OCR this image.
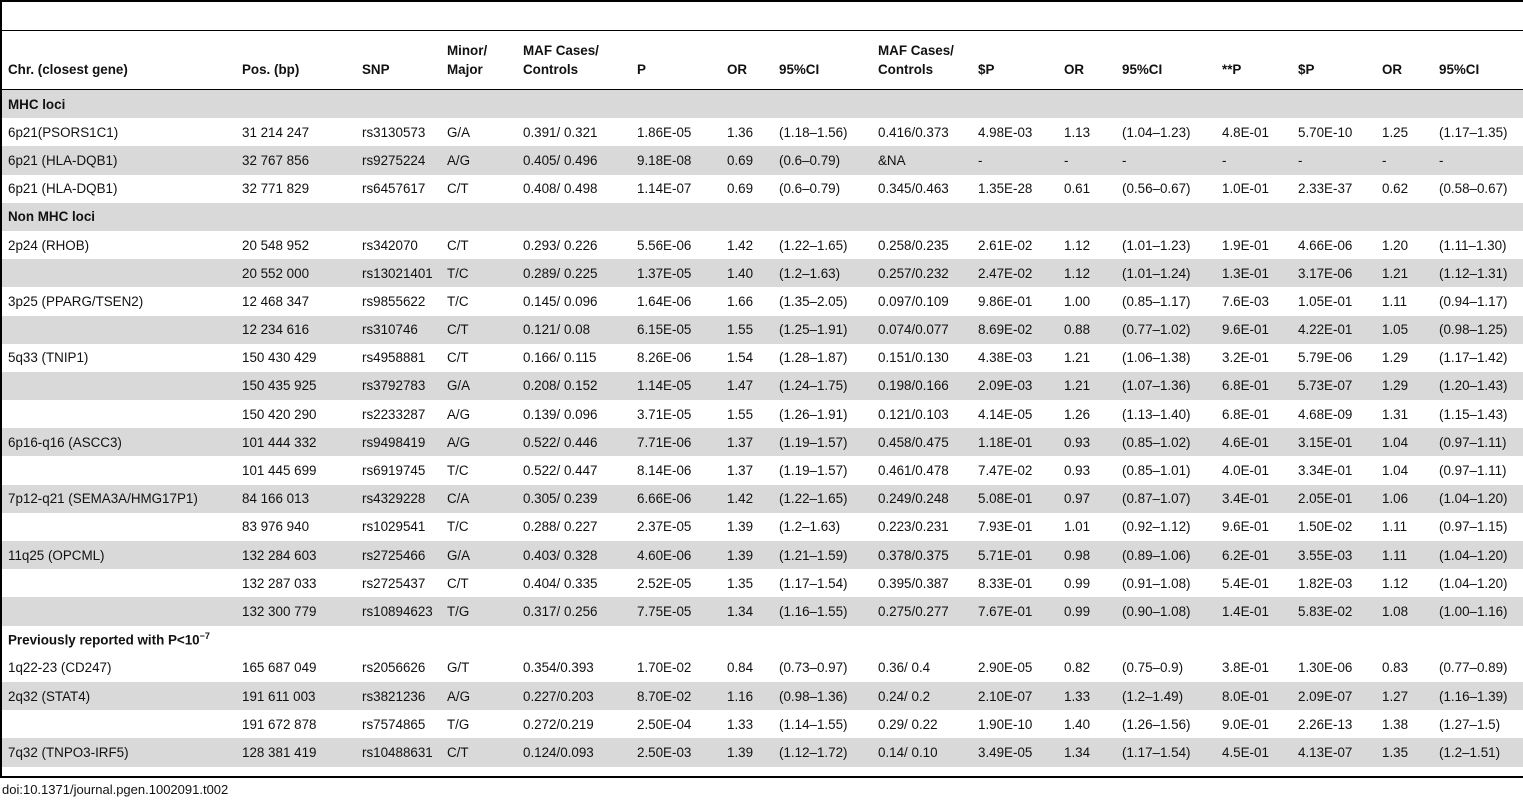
Chr. (closest gene)	Pos. (bp)	SNP	Minor/ Major	MAF Cases/ Controls	P	OR	95%CI	MAF Cases/ Controls	$P	OR	95%CI	**P	$P	OR	95%CI
MHC loci															
6p21(PSORS1C1)	31 214 247	rs3130573	G/A	0.391/ 0.321	1.86E-05	1.36	(1.18–1.56)	0.416/0.373	4.98E-03	1.13	(1.04–1.23)	4.8E-01	5.70E-10	1.25	(1.17–1.35)
6p21 (HLA-DQB1)	32 767 856	rs9275224	A/G	0.405/ 0.496	9.18E-08	0.69	(0.6–0.79)	&NA	-	-	-	-	-	-	-
6p21 (HLA-DQB1)	32 771 829	rs6457617	C/T	0.408/ 0.498	1.14E-07	0.69	(0.6–0.79)	0.345/0.463	1.35E-28	0.61	(0.56–0.67)	1.0E-01	2.33E-37	0.62	(0.58–0.67)
Non MHC loci															
2p24 (RHOB)	20 548 952	rs342070	C/T	0.293/ 0.226	5.56E-06	1.42	(1.22–1.65)	0.258/0.235	2.61E-02	1.12	(1.01–1.23)	1.9E-01	4.66E-06	1.20	(1.11–1.30)
	20 552 000	rs13021401	T/C	0.289/ 0.225	1.37E-05	1.40	(1.2–1.63)	0.257/0.232	2.47E-02	1.12	(1.01–1.24)	1.3E-01	3.17E-06	1.21	(1.12–1.31)
3p25 (PPARG/TSEN2)	12 468 347	rs9855622	T/C	0.145/ 0.096	1.64E-06	1.66	(1.35–2.05)	0.097/0.109	9.86E-01	1.00	(0.85–1.17)	7.6E-03	1.05E-01	1.11	(0.94–1.17)
	12 234 616	rs310746	C/T	0.121/ 0.08	6.15E-05	1.55	(1.25–1.91)	0.074/0.077	8.69E-02	0.88	(0.77–1.02)	9.6E-01	4.22E-01	1.05	(0.98–1.25)
5q33 (TNIP1)	150 430 429	rs4958881	C/T	0.166/ 0.115	8.26E-06	1.54	(1.28–1.87)	0.151/0.130	4.38E-03	1.21	(1.06–1.38)	3.2E-01	5.79E-06	1.29	(1.17–1.42)
	150 435 925	rs3792783	G/A	0.208/ 0.152	1.14E-05	1.47	(1.24–1.75)	0.198/0.166	2.09E-03	1.21	(1.07–1.36)	6.8E-01	5.73E-07	1.29	(1.20–1.43)
	150 420 290	rs2233287	A/G	0.139/ 0.096	3.71E-05	1.55	(1.26–1.91)	0.121/0.103	4.14E-05	1.26	(1.13–1.40)	6.8E-01	4.68E-09	1.31	(1.15–1.43)
6p16-q16 (ASCC3)	101 444 332	rs9498419	A/G	0.522/ 0.446	7.71E-06	1.37	(1.19–1.57)	0.458/0.475	1.18E-01	0.93	(0.85–1.02)	4.6E-01	3.15E-01	1.04	(0.97–1.11)
	101 445 699	rs6919745	T/C	0.522/ 0.447	8.14E-06	1.37	(1.19–1.57)	0.461/0.478	7.47E-02	0.93	(0.85–1.01)	4.0E-01	3.34E-01	1.04	(0.97–1.11)
7p12-q21 (SEMA3A/HMG17P1)	84 166 013	rs4329228	C/A	0.305/ 0.239	6.66E-06	1.42	(1.22–1.65)	0.249/0.248	5.08E-01	0.97	(0.87–1.07)	3.4E-01	2.05E-01	1.06	(1.04–1.20)
	83 976 940	rs1029541	T/C	0.288/ 0.227	2.37E-05	1.39	(1.2–1.63)	0.223/0.231	7.93E-01	1.01	(0.92–1.12)	9.6E-01	1.50E-02	1.11	(0.97–1.15)
11q25 (OPCML)	132 284 603	rs2725466	G/A	0.403/ 0.328	4.60E-06	1.39	(1.21–1.59)	0.378/0.375	5.71E-01	0.98	(0.89–1.06)	6.2E-01	3.55E-03	1.11	(1.04–1.20)
	132 287 033	rs2725437	C/T	0.404/ 0.335	2.52E-05	1.35	(1.17–1.54)	0.395/0.387	8.33E-01	0.99	(0.91–1.08)	5.4E-01	1.82E-03	1.12	(1.04–1.20)
	132 300 779	rs10894623	T/G	0.317/ 0.256	7.75E-05	1.34	(1.16–1.55)	0.275/0.277	7.67E-01	0.99	(0.90–1.08)	1.4E-01	5.83E-02	1.08	(1.00–1.16)
Previously reported with $P<10^{-7}$
1q22-23 (CD247)	165 687 049	rs2056626	G/T	0.354/0.393	1.70E-02	0.84	(0.73–0.97)	0.36/ 0.4	2.90E-05	0.82	(0.75–0.9)	3.8E-01	1.30E-06	0.83	(0.77–0.89)
2q32 (STAT4)	191 611 003	rs3821236	A/G	0.227/0.203	8.70E-02	1.16	(0.98–1.36)	0.24/ 0.2	2.10E-07	1.33	(1.2–1.49)	8.0E-01	2.09E-07	1.27	(1.16–1.39)
	191 672 878	rs7574865	T/G	0.272/0.219	2.50E-04	1.33	(1.14–1.55)	0.29/ 0.22	1.90E-10	1.40	(1.26–1.56)	9.0E-01	2.26E-13	1.38	(1.27–1.5)
7q32 (TNPO3-IRF5)	128 381 419	rs10488631	C/T	0.124/0.093	2.50E-03	1.39	(1.12–1.72)	0.14/ 0.10	3.49E-05	1.34	(1.17–1.54)	4.5E-01	4.13E-07	1.35	(1.2–1.51)
doi:10.1371/journal.pgen.1002091.t002
